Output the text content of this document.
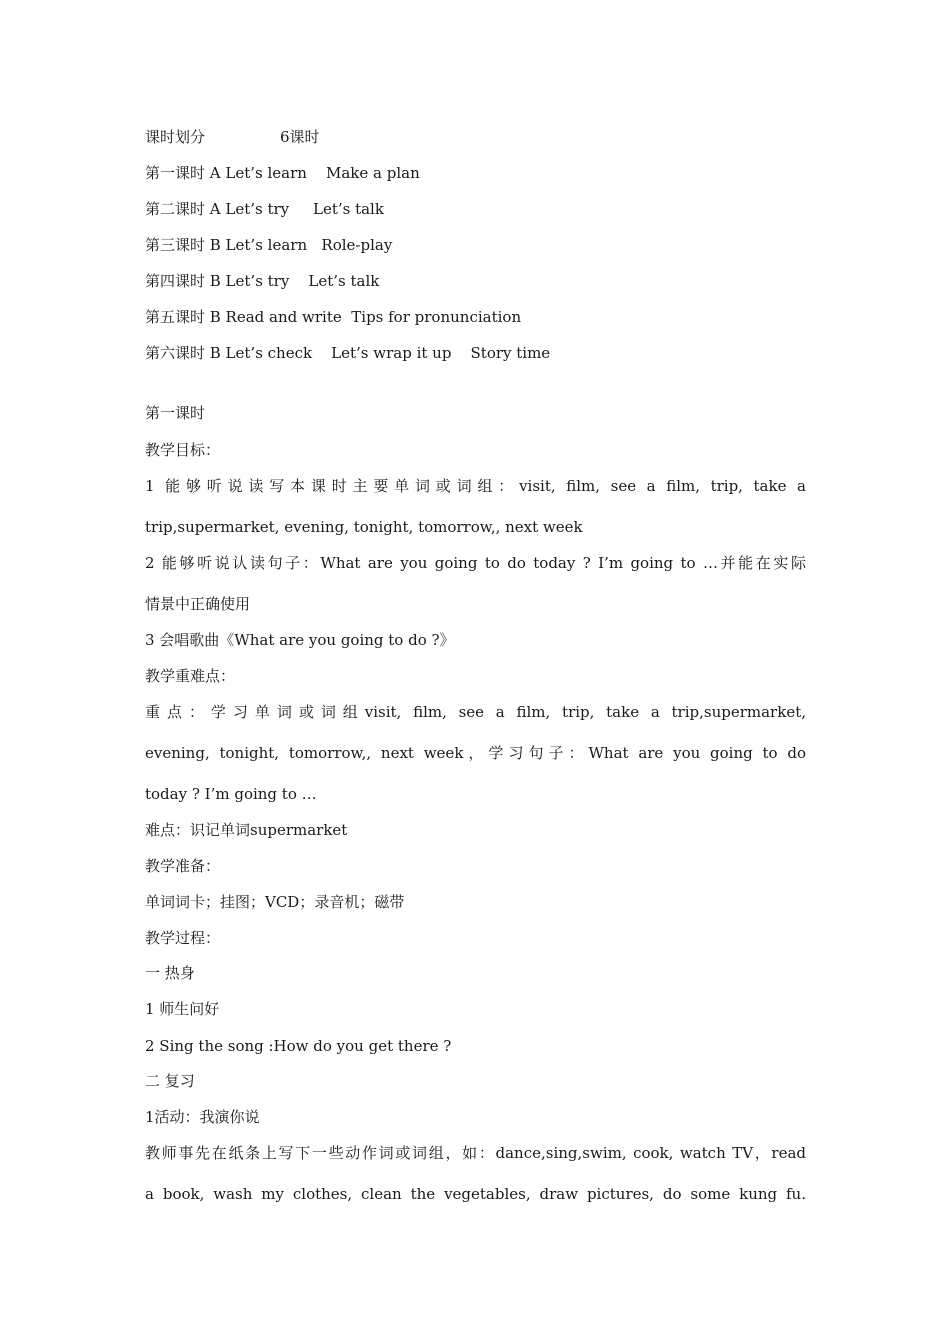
课时划分　　　　　6课时
第一课时 A Let’s learn    Make a plan
第二课时 A Let’s try     Let’s talk
第三课时 B Let’s learn   Role-play
第四课时 B Let’s try    Let’s talk
第五课时 B Read and write  Tips for pronunciation
第六课时 B Let’s check    Let’s wrap it up    Story time
第一课时
教学目标：
1 能够听说读写本课时主要单词或词组：visit, film, see a film, trip, take a
trip,supermarket, evening, tonight, tomorrow,, next week
2 能够听说认读句子：What are you going to do today ? I’m going to …并能在实际
情景中正确使用
3 会唱歌曲《What are you going to do ?》
教学重难点：
重点：学习单词或词组visit, film, see a film, trip, take a trip,supermarket,
evening, tonight, tomorrow,, next week，学习句子：What are you going to do
today ? I’m going to …
难点：识记单词supermarket
教学准备：
单词词卡；挂图；VCD；录音机；磁带
教学过程：
一 热身
1 师生问好
2 Sing the song :How do you get there ?
二 复习
1活动：我演你说
教师事先在纸条上写下一些动作词或词组，如：dance,sing,swim, cook, watch TV，read
a book, wash my clothes, clean the vegetables, draw pictures, do some kung fu.
